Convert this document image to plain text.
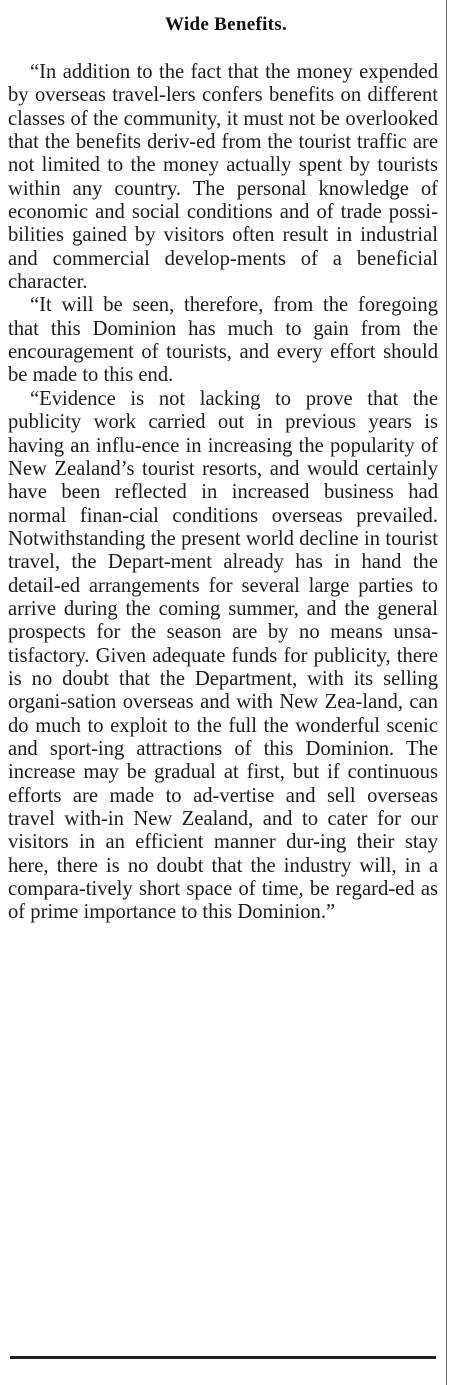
Wide Benefits.

“In addition to the fact that the money expended by overseas travel-lers confers benefits on different classes of the community, it must not be overlooked that the benefits deriv-ed from the tourist traffic are not limited to the money actually spent by tourists within any country. The personal knowledge of economic and social conditions and of trade possi-bilities gained by visitors often result in industrial and commercial develop-ments of a beneficial character.

“It will be seen, therefore, from the foregoing that this Dominion has much to gain from the encouragement of tourists, and every effort should be made to this end.

“Evidence is not lacking to prove that the publicity work carried out in previous years is having an influ-ence in increasing the popularity of New Zealand’s tourist resorts, and would certainly have been reflected in increased business had normal finan-cial conditions overseas prevailed. Notwithstanding the present world decline in tourist travel, the Depart-ment already has in hand the detail-ed arrangements for several large parties to arrive during the coming summer, and the general prospects for the season are by no means unsa-tisfactory. Given adequate funds for publicity, there is no doubt that the Department, with its selling organi-sation overseas and with New Zea-land, can do much to exploit to the full the wonderful scenic and sport-ing attractions of this Dominion. The increase may be gradual at first, but if continuous efforts are made to ad-vertise and sell overseas travel with-in New Zealand, and to cater for our visitors in an efficient manner dur-ing their stay here, there is no doubt that the industry will, in a compara-tively short space of time, be regard-ed as of prime importance to this Dominion.”
